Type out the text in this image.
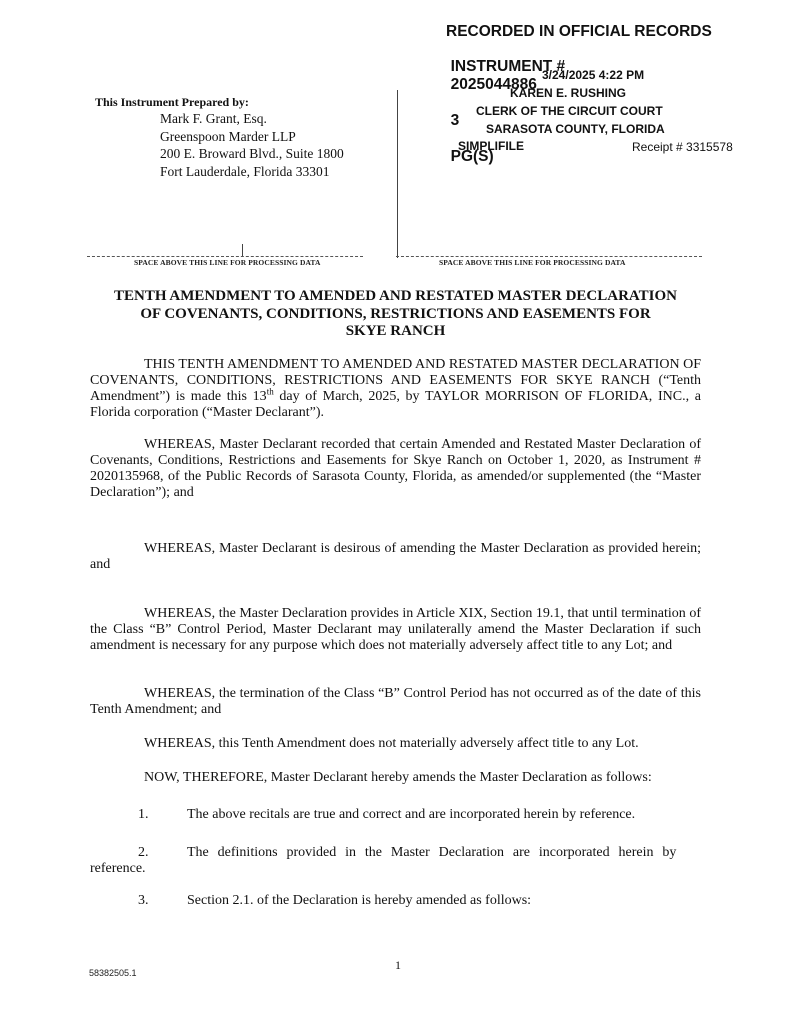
RECORDED IN OFFICIAL RECORDS

INSTRUMENT #
2025044886

3

PG(S)

3/24/2025 4:22 PM
KAREN E. RUSHING
CLERK OF THE CIRCUIT COURT
SARASOTA COUNTY, FLORIDA
SIMPLIFILE	Receipt # 3315578
This Instrument Prepared by:
Mark F. Grant, Esq.
Greenspoon Marder LLP
200 E. Broward Blvd., Suite 1800
Fort Lauderdale, Florida 33301
SPACE ABOVE THIS LINE FOR PROCESSING DATA	SPACE ABOVE THIS LINE FOR PROCESSING DATA
TENTH AMENDMENT TO AMENDED AND RESTATED MASTER DECLARATION
OF COVENANTS, CONDITIONS, RESTRICTIONS AND EASEMENTS FOR
SKYE RANCH
THIS TENTH AMENDMENT TO AMENDED AND RESTATED MASTER DECLARATION OF COVENANTS, CONDITIONS, RESTRICTIONS AND EASEMENTS FOR SKYE RANCH (“Tenth Amendment”) is made this 13th day of March, 2025, by TAYLOR MORRISON OF FLORIDA, INC., a Florida corporation (“Master Declarant”).
WHEREAS, Master Declarant recorded that certain Amended and Restated Master Declaration of Covenants, Conditions, Restrictions and Easements for Skye Ranch on October 1, 2020, as Instrument # 2020135968, of the Public Records of Sarasota County, Florida, as amended/or supplemented (the “Master Declaration”); and
WHEREAS, Master Declarant is desirous of amending the Master Declaration as provided herein; and
WHEREAS, the Master Declaration provides in Article XIX, Section 19.1, that until termination of the Class “B” Control Period, Master Declarant may unilaterally amend the Master Declaration if such amendment is necessary for any purpose which does not materially adversely affect title to any Lot; and
WHEREAS, the termination of the Class “B” Control Period has not occurred as of the date of this Tenth Amendment; and
WHEREAS, this Tenth Amendment does not materially adversely affect title to any Lot.
NOW, THEREFORE, Master Declarant hereby amends the Master Declaration as follows:
1.	The above recitals are true and correct and are incorporated herein by reference.
2.	The definitions provided in the Master Declaration are incorporated herein by
reference.
3.	Section 2.1. of the Declaration is hereby amended as follows:
1
58382505.1
